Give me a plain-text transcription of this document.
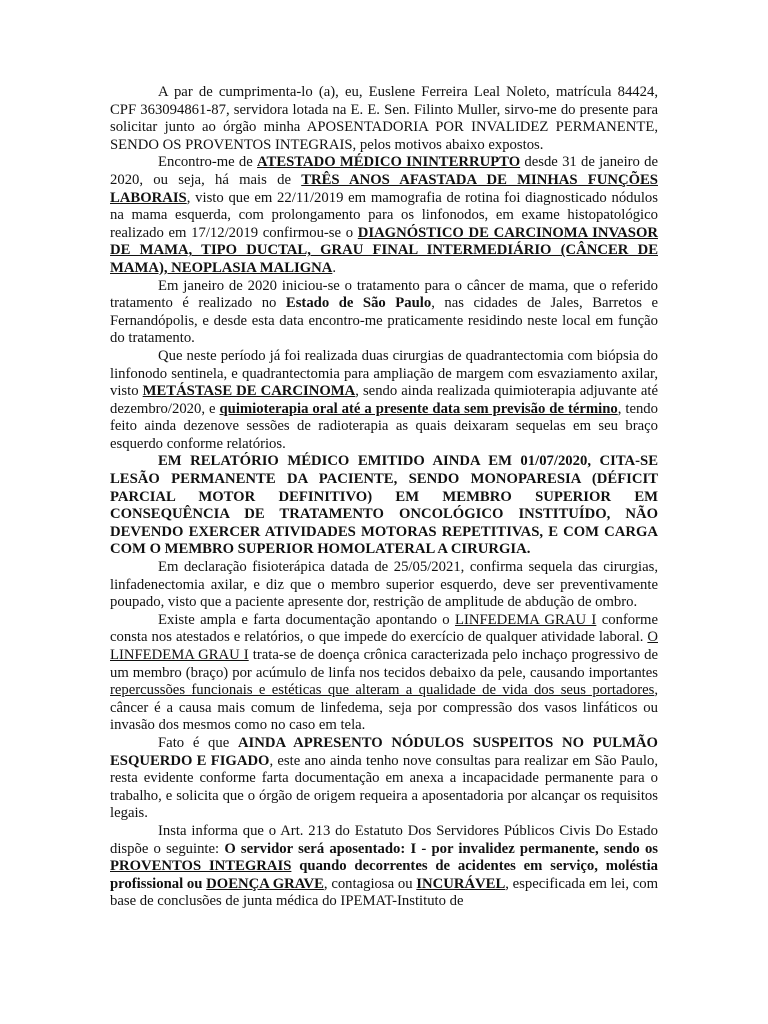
A par de cumprimenta-lo (a), eu, Euslene Ferreira Leal Noleto, matrícula 84424, CPF 363094861-87, servidora lotada na E. E. Sen. Filinto Muller, sirvo-me do presente para solicitar junto ao órgão minha APOSENTADORIA POR INVALIDEZ PERMANENTE, SENDO OS PROVENTOS INTEGRAIS, pelos motivos abaixo expostos.

Encontro-me de ATESTADO MÉDICO ININTERRUPTO desde 31 de janeiro de 2020, ou seja, há mais de TRÊS ANOS AFASTADA DE MINHAS FUNÇÕES LABORAIS, visto que em 22/11/2019 em mamografia de rotina foi diagnosticado nódulos na mama esquerda, com prolongamento para os linfonodos, em exame histopatológico realizado em 17/12/2019 confirmou-se o DIAGNÓSTICO DE CARCINOMA INVASOR DE MAMA, TIPO DUCTAL, GRAU FINAL INTERMEDIÁRIO (CÂNCER DE MAMA), NEOPLASIA MALIGNA.

Em janeiro de 2020 iniciou-se o tratamento para o câncer de mama, que o referido tratamento é realizado no Estado de São Paulo, nas cidades de Jales, Barretos e Fernandópolis, e desde esta data encontro-me praticamente residindo neste local em função do tratamento.

Que neste período já foi realizada duas cirurgias de quadrantectomia com biópsia do linfonodo sentinela, e quadrantectomia para ampliação de margem com esvaziamento axilar, visto METÁSTASE DE CARCINOMA, sendo ainda realizada quimioterapia adjuvante até dezembro/2020, e quimioterapia oral até a presente data sem previsão de término, tendo feito ainda dezenove sessões de radioterapia as quais deixaram sequelas em seu braço esquerdo conforme relatórios.

EM RELATÓRIO MÉDICO EMITIDO AINDA EM 01/07/2020, CITA-SE LESÃO PERMANENTE DA PACIENTE, SENDO MONOPARESIA (DÉFICIT PARCIAL MOTOR DEFINITIVO) EM MEMBRO SUPERIOR EM CONSEQUÊNCIA DE TRATAMENTO ONCOLÓGICO INSTITUÍDO, NÃO DEVENDO EXERCER ATIVIDADES MOTORAS REPETITIVAS, E COM CARGA COM O MEMBRO SUPERIOR HOMOLATERAL A CIRURGIA.

Em declaração fisioterápica datada de 25/05/2021, confirma sequela das cirurgias, linfadenectomia axilar, e diz que o membro superior esquerdo, deve ser preventivamente poupado, visto que a paciente apresente dor, restrição de amplitude de abdução de ombro.

Existe ampla e farta documentação apontando o LINFEDEMA GRAU I conforme consta nos atestados e relatórios, o que impede do exercício de qualquer atividade laboral. O LINFEDEMA GRAU I trata-se de doença crônica caracterizada pelo inchaço progressivo de um membro (braço) por acúmulo de linfa nos tecidos debaixo da pele, causando importantes repercussões funcionais e estéticas que alteram a qualidade de vida dos seus portadores, câncer é a causa mais comum de linfedema, seja por compressão dos vasos linfáticos ou invasão dos mesmos como no caso em tela.

Fato é que AINDA APRESENTO NÓDULOS SUSPEITOS NO PULMÃO ESQUERDO E FIGADO, este ano ainda tenho nove consultas para realizar em São Paulo, resta evidente conforme farta documentação em anexa a incapacidade permanente para o trabalho, e solicita que o órgão de origem requeira a aposentadoria por alcançar os requisitos legais.

Insta informa que o Art. 213 do Estatuto Dos Servidores Públicos Civis Do Estado dispõe o seguinte: O servidor será aposentado: I - por invalidez permanente, sendo os PROVENTOS INTEGRAIS quando decorrentes de acidentes em serviço, moléstia profissional ou DOENÇA GRAVE, contagiosa ou INCURÁVEL, especificada em lei, com base de conclusões de junta médica do IPEMAT-Instituto de
